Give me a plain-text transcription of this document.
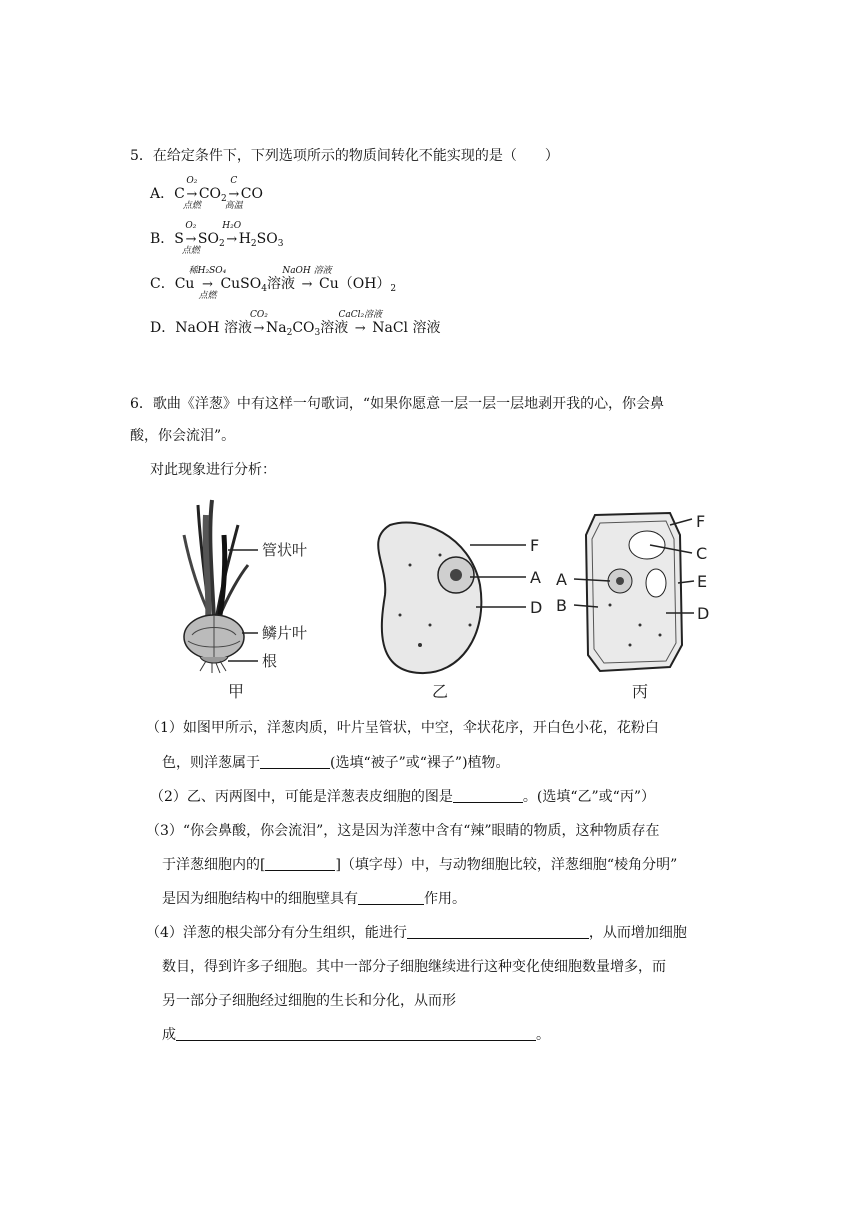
5．在给定条件下，下列选项所示的物质间转化不能实现的是（　　）
A．C
O₂
→
点燃
$CO_2$
C
→
高温
CO
B．S
O₂
→
点燃
$SO_2$
H₂O
→ $H_2SO_3$
C．Cu
稀H₂SO₄
→
点燃
CuSO$_4$溶液
NaOH 溶液
→ $Cu(OH)_2$
D．NaOH 溶液
CO₂
→ $Na_2CO_3$溶液
CaCl₂溶液
→ NaCl 溶液
6．歌曲《洋葱》中有这样一句歌词，“如果你愿意一层一层一层地剥开我的心，你会鼻
酸，你会流泪”。
对此现象进行分析：
管状叶
鳞片叶
根
甲
F
A
D
乙
F
C
E
D
A
B
丙
（1）如图甲所示，洋葱肉质，叶片呈管状，中空，伞状花序，开白色小花，花粉白
色，则洋葱属于	(选填“被子”或“裸子”)植物。
（2）乙、丙两图中，可能是洋葱表皮细胞的图是	。(选填“乙”或“丙”）
（3）“你会鼻酸，你会流泪”，这是因为洋葱中含有“辣”眼睛的物质，这种物质存在
于洋葱细胞内的[	]（填字母）中，与动物细胞比较，洋葱细胞“棱角分明”
是因为细胞结构中的细胞壁具有	作用。
（4）洋葱的根尖部分有分生组织，能进行	，从而增加细胞
数目，得到许多子细胞。其中一部分子细胞继续进行这种变化使细胞数量增多，而
另一部分子细胞经过细胞的生长和分化，从而形
成	。
